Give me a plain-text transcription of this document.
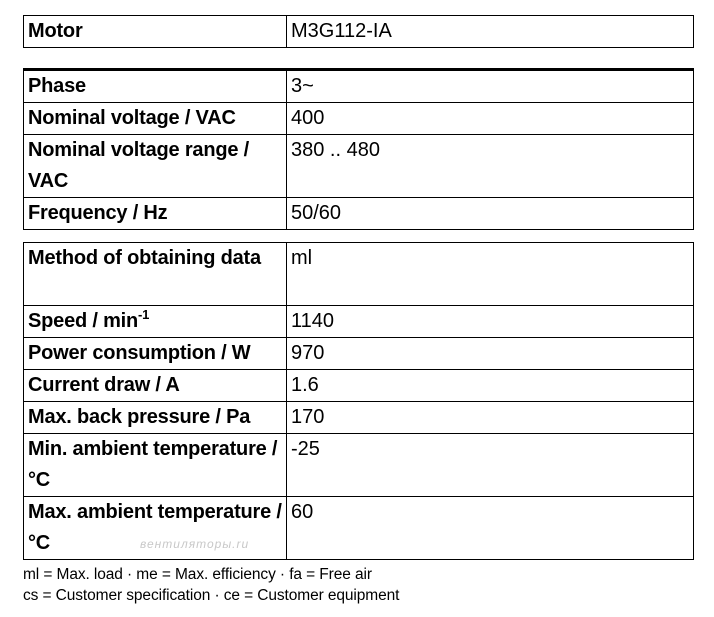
Motor	M3G112-IA
Phase	3~
Nominal voltage / VAC	400
Nominal voltage range / VAC	380 .. 480
Frequency / Hz	50/60
Method of obtaining data	ml
Speed / $\min^{-1}$	1140
Power consumption / W	970
Current draw / A	1.6
Max. back pressure / Pa	170
Min. ambient temperature / °C	-25
Max. ambient temperature / °C	60
вентиляторы.ru
ml = Max. load · me = Max. efficiency · fa = Free air
cs = Customer specification · ce = Customer equipment
